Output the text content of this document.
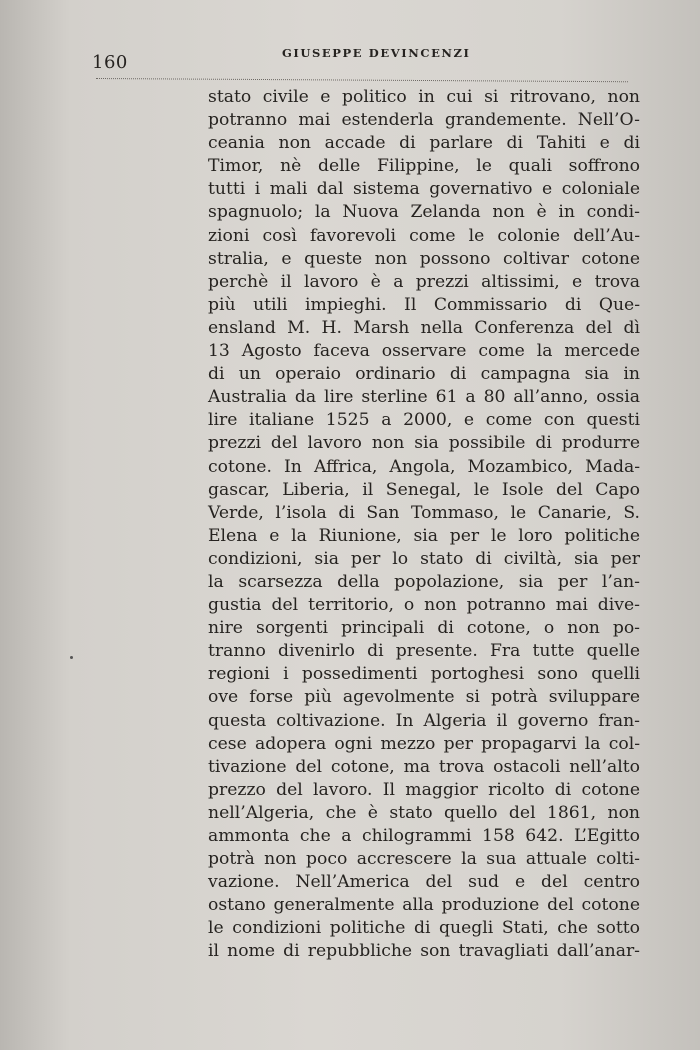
160	GIUSEPPE DEVINCENZI
stato civile e politico in cui si ritrovano, non
potranno mai estenderla grandemente. Nell’O-
ceania non accade di parlare di Tahiti e di
Timor, nè delle Filippine, le quali soffrono
tutti i mali dal sistema governativo e coloniale
spagnuolo; la Nuova Zelanda non è in condi-
zioni così favorevoli come le colonie dell’Au-
stralia, e queste non possono coltivar cotone
perchè il lavoro è a prezzi altissimi, e trova
più utili impieghi. Il Commissario di Que-
ensland M. H. Marsh nella Conferenza del dì
13 Agosto faceva osservare come la mercede
di un operaio ordinario di campagna sia in
Australia da lire sterline 61 a 80 all’anno, ossia
lire italiane 1525 a 2000, e come con questi
prezzi del lavoro non sia possibile di produrre
cotone. In Affrica, Angola, Mozambico, Mada-
gascar, Liberia, il Senegal, le Isole del Capo
Verde, l’isola di San Tommaso, le Canarie, S.
Elena e la Riunione, sia per le loro politiche
condizioni, sia per lo stato di civiltà, sia per
la scarsezza della popolazione, sia per l’an-
gustia del territorio, o non potranno mai dive-
nire sorgenti principali di cotone, o non po-
tranno divenirlo di presente. Fra tutte quelle
regioni i possedimenti portoghesi sono quelli
ove forse più agevolmente si potrà sviluppare
questa coltivazione. In Algeria il governo fran-
cese adopera ogni mezzo per propagarvi la col-
tivazione del cotone, ma trova ostacoli nell’alto
prezzo del lavoro. Il maggior ricolto di cotone
nell’Algeria, che è stato quello del 1861, non
ammonta che a chilogrammi 158 642. L’Egitto
potrà non poco accrescere la sua attuale colti-
vazione. Nell’America del sud e del centro
ostano generalmente alla produzione del cotone
le condizioni politiche di quegli Stati, che sotto
il nome di repubbliche son travagliati dall’anar-
